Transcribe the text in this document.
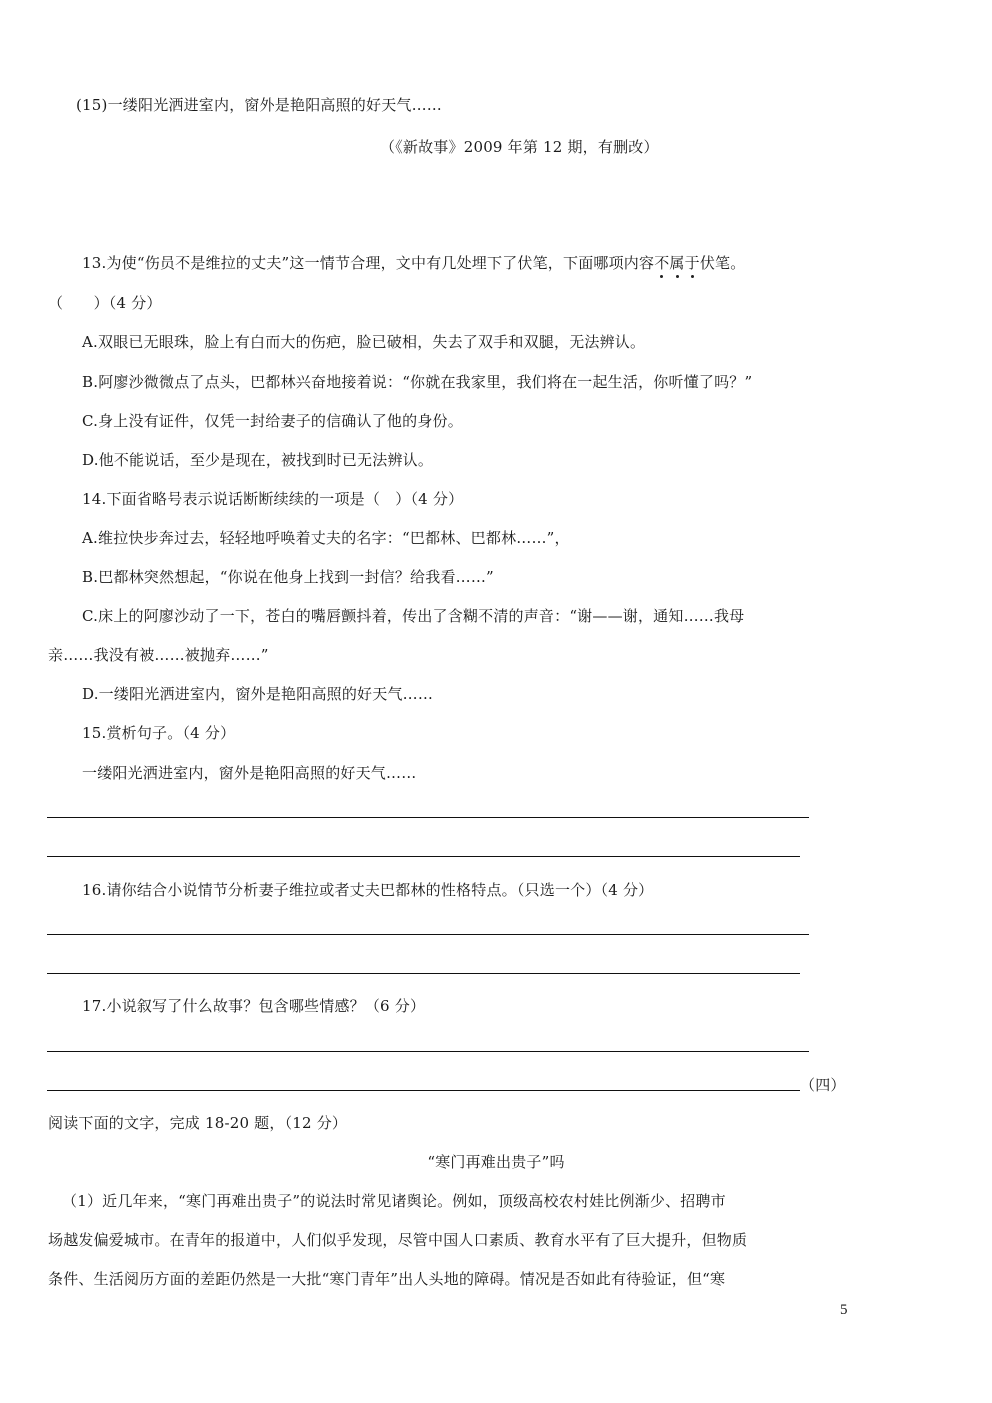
(15)一缕阳光洒进室内，窗外是艳阳高照的好天气……
（《新故事》2009 年第 12 期，有删改）
13.为使“伤员不是维拉的丈夫”这一情节合理，文中有几处埋下了伏笔，下面哪项内容不属于伏笔。
（　　）（4 分）
A.双眼已无眼珠，脸上有白而大的伤疤，脸已破相，失去了双手和双腿，无法辨认。
B.阿廖沙微微点了点头，巴都林兴奋地接着说：“你就在我家里，我们将在一起生活，你听懂了吗？”
C.身上没有证件，仅凭一封给妻子的信确认了他的身份。
D.他不能说话，至少是现在，被找到时已无法辨认。
14.下面省略号表示说话断断续续的一项是（　）（4 分）
A.维拉快步奔过去，轻轻地呼唤着丈夫的名字：“巴都林、巴都林……”，
B.巴都林突然想起，“你说在他身上找到一封信？给我看……”
C.床上的阿廖沙动了一下，苍白的嘴唇颤抖着，传出了含糊不清的声音：“谢——谢，通知……我母
亲……我没有被……被抛弃……”
D.一缕阳光洒进室内，窗外是艳阳高照的好天气……
15.赏析句子。（4 分）
一缕阳光洒进室内，窗外是艳阳高照的好天气……
16.请你结合小说情节分析妻子维拉或者丈夫巴都林的性格特点。（只选一个）（4 分）
17.小说叙写了什么故事？包含哪些情感？（6 分）
（四）
阅读下面的文字，完成 18-20 题，（12 分）
“寒门再难出贵子”吗
（1）近几年来，“寒门再难出贵子”的说法时常见诸舆论。例如，顶级高校农村娃比例渐少、招聘市
场越发偏爱城市。在青年的报道中，人们似乎发现，尽管中国人口素质、教育水平有了巨大提升，但物质
条件、生活阅历方面的差距仍然是一大批“寒门青年”出人头地的障碍。情况是否如此有待验证，但“寒
5
